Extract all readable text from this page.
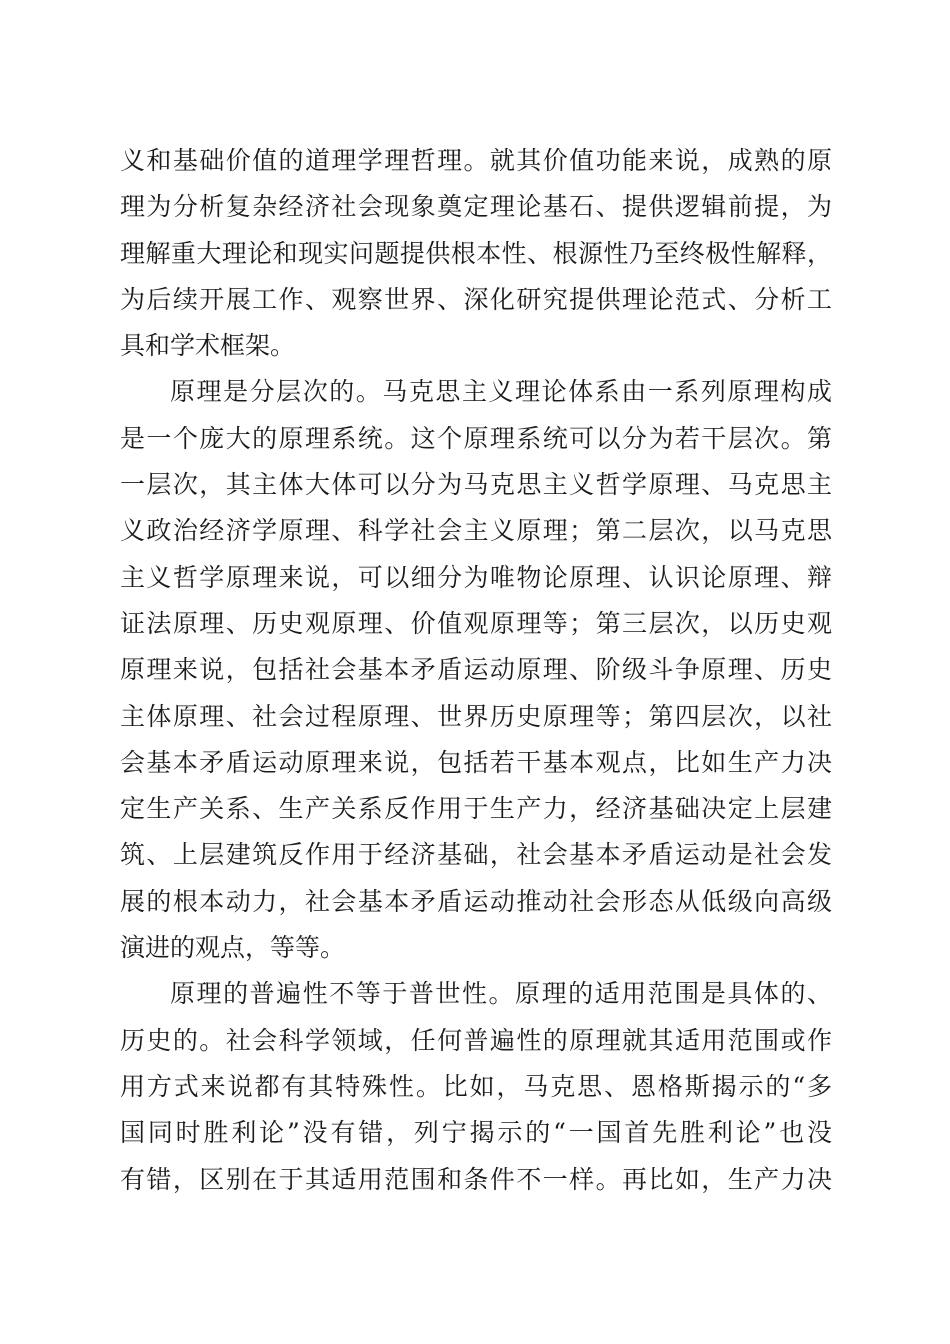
义和基础价值的道理学理哲理。就其价值功能来说，成熟的原
理为分析复杂经济社会现象奠定理论基石、提供逻辑前提，为
理解重大理论和现实问题提供根本性、根源性乃至终极性解释，
为后续开展工作、观察世界、深化研究提供理论范式、分析工
具和学术框架。
原理是分层次的。马克思主义理论体系由一系列原理构成
是一个庞大的原理系统。这个原理系统可以分为若干层次。第
一层次，其主体大体可以分为马克思主义哲学原理、马克思主
义政治经济学原理、科学社会主义原理；第二层次，以马克思
主义哲学原理来说，可以细分为唯物论原理、认识论原理、辩
证法原理、历史观原理、价值观原理等；第三层次，以历史观
原理来说，包括社会基本矛盾运动原理、阶级斗争原理、历史
主体原理、社会过程原理、世界历史原理等；第四层次，以社
会基本矛盾运动原理来说，包括若干基本观点，比如生产力决
定生产关系、生产关系反作用于生产力，经济基础决定上层建
筑、上层建筑反作用于经济基础，社会基本矛盾运动是社会发
展的根本动力，社会基本矛盾运动推动社会形态从低级向高级
演进的观点，等等。
原理的普遍性不等于普世性。原理的适用范围是具体的、
历史的。社会科学领域，任何普遍性的原理就其适用范围或作
用方式来说都有其特殊性。比如，马克思、恩格斯揭示的“多
国同时胜利论”没有错，列宁揭示的“一国首先胜利论”也没
有错，区别在于其适用范围和条件不一样。再比如，生产力决
